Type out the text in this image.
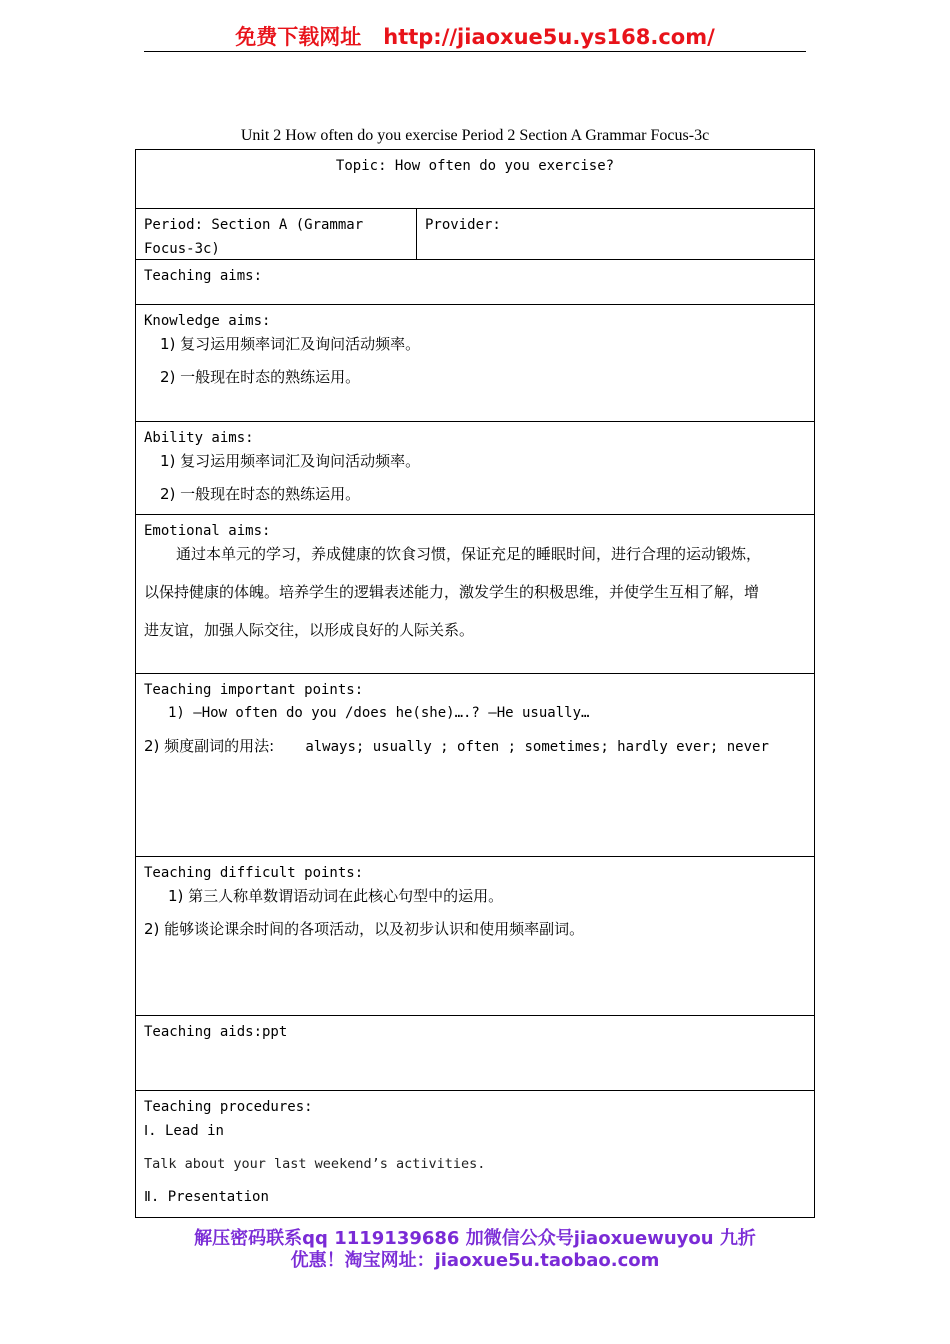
免费下载网址 http://jiaoxue5u.ys168.com/
Unit 2 How often do you exercise Period 2 Section A Grammar Focus-3c
Topic: How often do you exercise?
Period: Section A (Grammar
Focus-3c)
Provider:
Teaching aims:
Knowledge aims:
1) 复习运用频率词汇及询问活动频率。
2) 一般现在时态的熟练运用。
Ability aims:
1) 复习运用频率词汇及询问活动频率。
2) 一般现在时态的熟练运用。
Emotional aims:
通过本单元的学习，养成健康的饮食习惯，保证充足的睡眠时间，进行合理的运动锻炼，
以保持健康的体魄。培养学生的逻辑表述能力，激发学生的积极思维，并使学生互相了解，增
进友谊，加强人际交往，以形成良好的人际关系。
Teaching important points:
1) —How often do you /does he(she)….? —He usually…
2) 频度副词的用法: always; usually ; often ; sometimes; hardly ever; never
Teaching difficult points:
1) 第三人称单数谓语动词在此核心句型中的运用。
2) 能够谈论课余时间的各项活动，以及初步认识和使用频率副词。
Teaching aids:ppt
Teaching procedures:
Ⅰ. Lead in
Talk about your last weekend’s activities.
Ⅱ. Presentation
解压密码联系qq 1119139686 加微信公众号jiaoxuewuyou 九折
优惠！淘宝网址：jiaoxue5u.taobao.com
